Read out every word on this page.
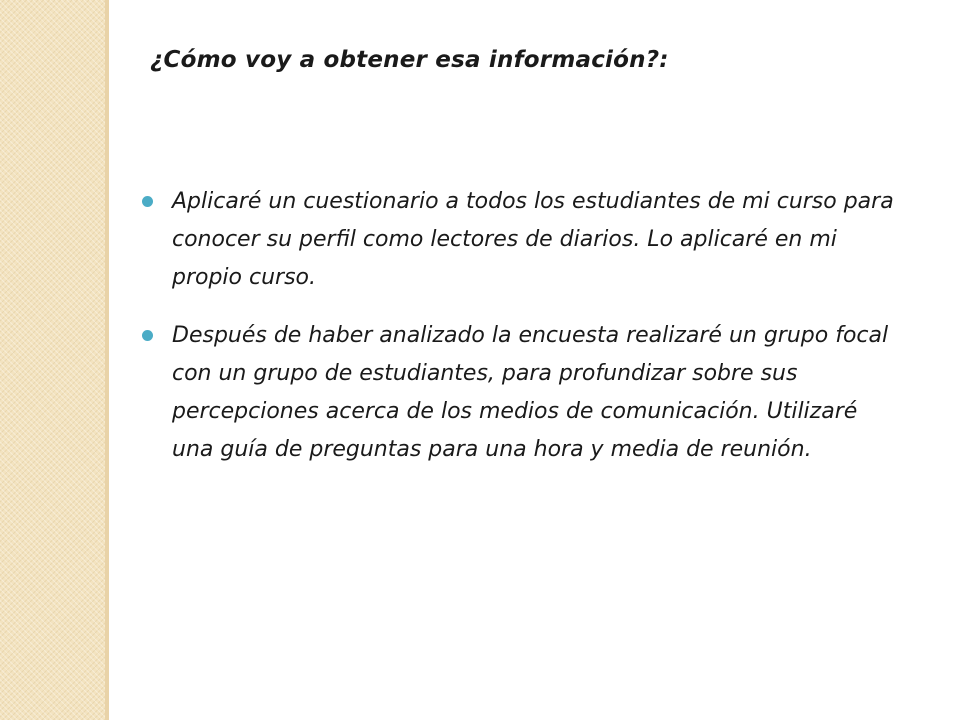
¿Cómo voy a obtener esa información?:
Aplicaré un cuestionario a todos los estudiantes de mi curso para conocer su perfil como lectores de diarios. Lo aplicaré en mi propio curso.
Después de haber analizado la encuesta realizaré un grupo focal con un grupo de estudiantes, para profundizar sobre sus percepciones acerca de los medios de comunicación. Utilizaré una guía de preguntas para una hora y media de reunión.
